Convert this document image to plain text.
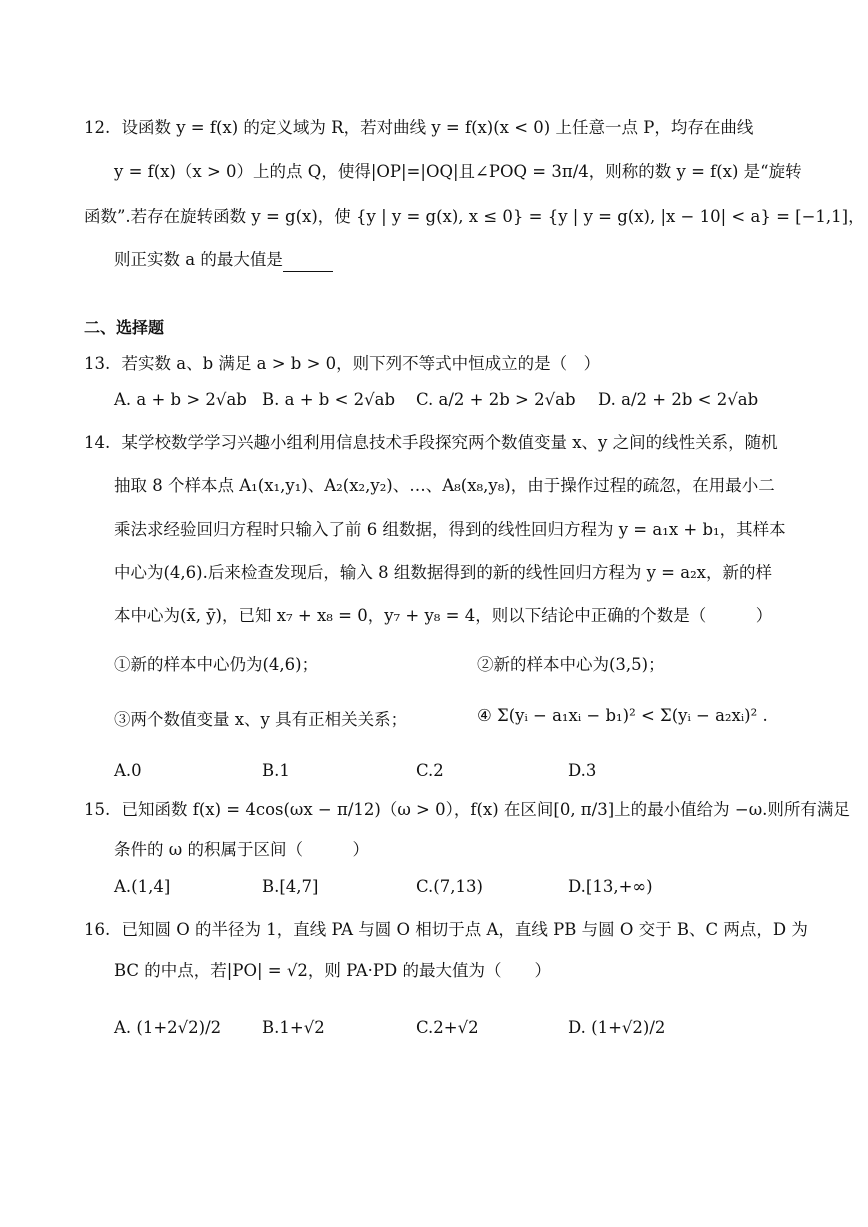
12. 设函数 y = f(x) 的定义域为 R，若对曲线 y = f(x)(x < 0) 上任意一点 P，均存在曲线
y = f(x)（x > 0）上的点 Q，使得|OP|=|OQ|且∠POQ = 3π/4，则称的数 y = f(x) 是“旋转
函数”.若存在旋转函数 y = g(x)，使 {y | y = g(x), x ≤ 0} = {y | y = g(x), |x − 10| < a} = [−1,1]，
则正实数 a 的最大值是
二、选择题
13. 若实数 a、b 满足 a > b > 0，则下列不等式中恒成立的是（　）
A. a + b > 2√ab B. a + b < 2√ab C. a/2 + 2b > 2√ab D. a/2 + 2b < 2√ab
14. 某学校数学学习兴趣小组利用信息技术手段探究两个数值变量 x、y 之间的线性关系，随机
抽取 8 个样本点 A₁(x₁,y₁)、A₂(x₂,y₂)、…、A₈(x₈,y₈)，由于操作过程的疏忽，在用最小二
乘法求经验回归方程时只输入了前 6 组数据，得到的线性回归方程为 y = a₁x + b₁，其样本
中心为(4,6).后来检查发现后，输入 8 组数据得到的新的线性回归方程为 y = a₂x，新的样
本中心为(x̄, ȳ)，已知 x₇ + x₈ = 0，y₇ + y₈ = 4，则以下结论中正确的个数是（　　　）
①新的样本中心仍为(4,6)；	②新的样本中心为(3,5)；
③两个数值变量 x、y 具有正相关关系；	④ Σ(yᵢ − a₁xᵢ − b₁)² < Σ(yᵢ − a₂xᵢ)² .
A.0	B.1	C.2	D.3
15. 已知函数 f(x) = 4cos(ωx − π/12)（ω > 0），f(x) 在区间[0, π/3]上的最小值给为 −ω.则所有满足
条件的 ω 的积属于区间（　　　）
A.(1,4]	B.[4,7]	C.(7,13)	D.[13,+∞)
16. 已知圆 O 的半径为 1，直线 PA 与圆 O 相切于点 A，直线 PB 与圆 O 交于 B、C 两点，D 为
BC 的中点，若|PO| = √2，则 PA·PD 的最大值为（　　）
A. (1+2√2)/2 B.1+√2	C.2+√2	D. (1+√2)/2
